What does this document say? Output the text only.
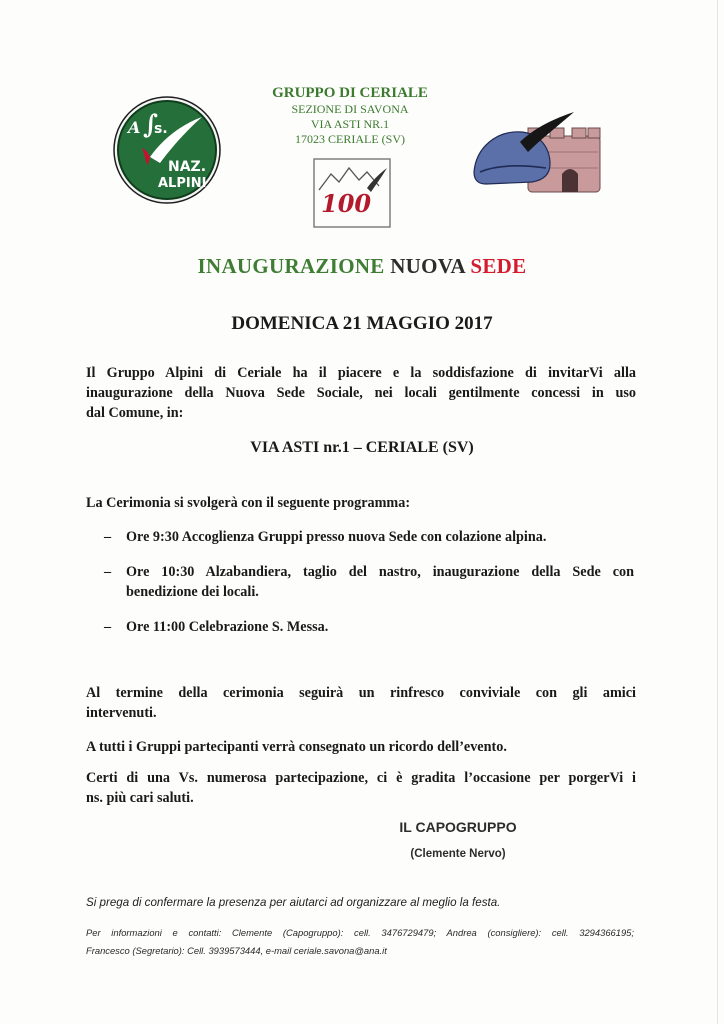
A ∫
s.
NAZ.
ALPINI
GRUPPO DI CERIALE
SEZIONE DI SAVONA
VIA ASTI NR.1
17023 CERIALE (SV)
100
INAUGURAZIONE NUOVA SEDE
DOMENICA 21 MAGGIO 2017
Il Gruppo Alpini di Ceriale ha il piacere e la soddisfazione di invitarVi alla
inaugurazione della Nuova Sede Sociale, nei locali gentilmente concessi in uso
dal Comune, in:
VIA ASTI nr.1 – CERIALE (SV)
La Cerimonia si svolgerà con il seguente programma:
– Ore 9:30 Accoglienza Gruppi presso nuova Sede con colazione alpina.
– Ore 10:30 Alzabandiera, taglio del nastro, inaugurazione della Sede con
benedizione dei locali.
– Ore 11:00 Celebrazione S. Messa.
Al termine della cerimonia seguirà un rinfresco conviviale con gli amici
intervenuti.
A tutti i Gruppi partecipanti verrà consegnato un ricordo dell’evento.
Certi di una Vs. numerosa partecipazione, ci è gradita l’occasione per porgerVi i
ns. più cari saluti.
IL CAPOGRUPPO
(Clemente Nervo)
Si prega di confermare la presenza per aiutarci ad organizzare al meglio la festa.
Per informazioni e contatti: Clemente (Capogruppo): cell. 3476729479; Andrea (consigliere): cell. 3294366195;
Francesco (Segretario): Cell. 3939573444, e-mail ceriale.savona@ana.it
